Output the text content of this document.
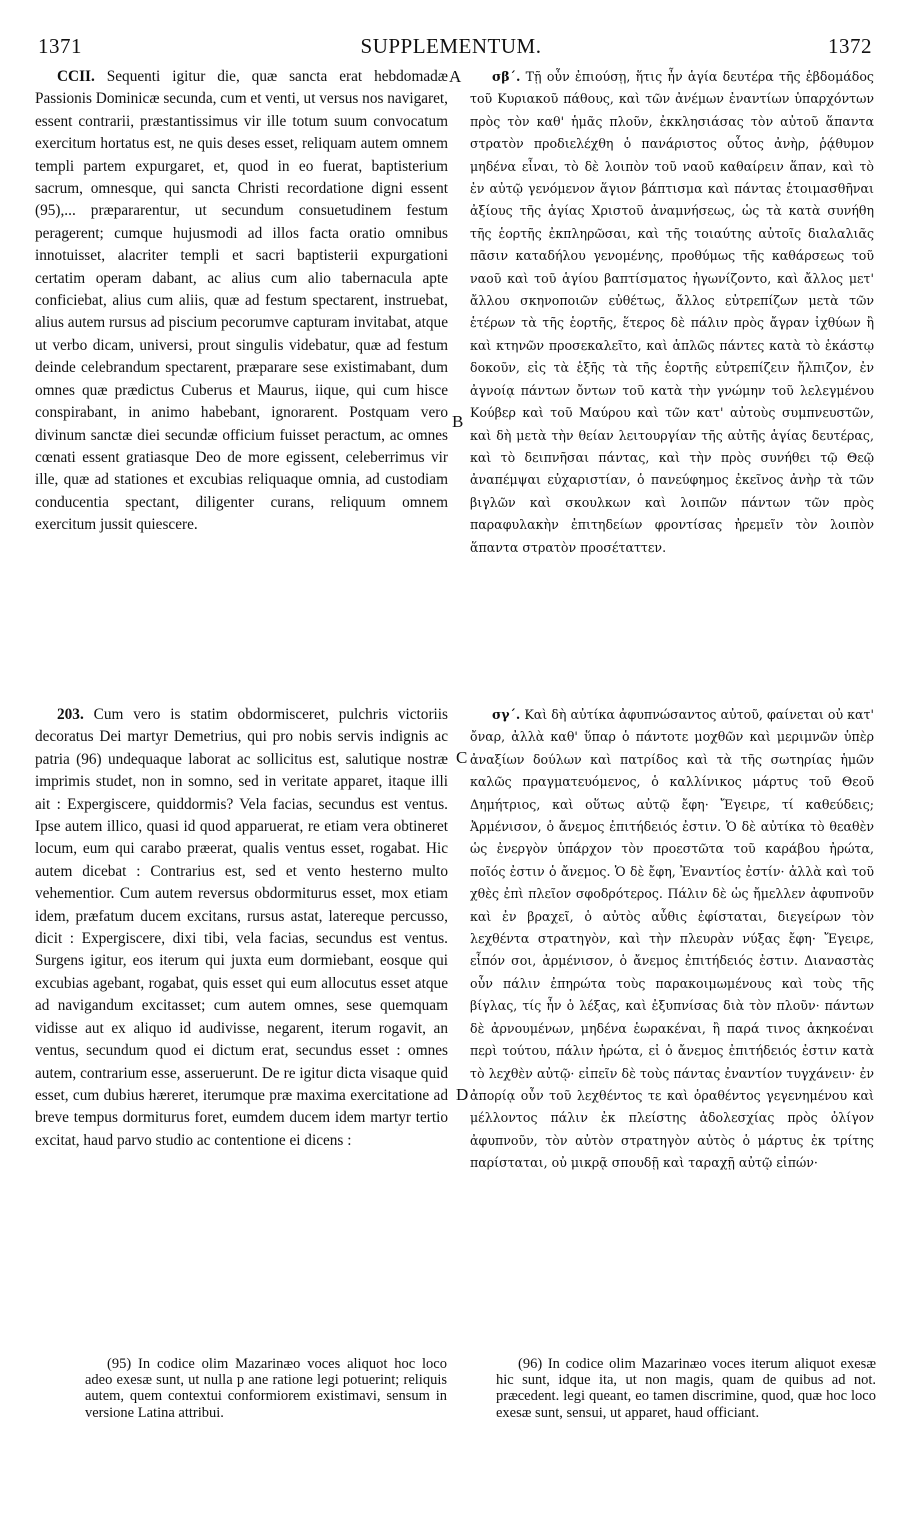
1371	SUPPLEMENTUM.	1372

CCII. Sequenti igitur die, quæ sancta erat hebdomadæ Passionis Dominicæ secunda, cum et venti, ut versus nos navigaret, essent contrarii, præstantissimus vir ille totum suum convocatum exercitum hortatus est, ne quis deses esset, reliquam autem omnem templi partem expurgaret, et, quod in eo fuerat, baptisterium sacrum, omnesque, qui sancta Christi recordatione digni essent (95),... præpararentur, ut secundum consuetudinem festum peragerent; cumque hujusmodi ad illos facta oratio omnibus innotuisset, alacriter templi et sacri baptisterii expurgationi certatim operam dabant, ac alius cum alio tabernacula apte conficiebat, alius cum aliis, quæ ad festum spectarent, instruebat, alius autem rursus ad piscium pecorumve capturam invitabat, atque ut verbo dicam, universi, prout singulis videbatur, quæ ad festum deinde celebrandum spectarent, præparare sese existimabant, dum omnes quæ prædictus Cuberus et Maurus, iique, qui cum hisce conspirabant, in animo habebant, ignorarent. Postquam vero divinum sanctæ diei secundæ officium fuisset peractum, ac omnes cœnati essent gratiasque Deo de more egissent, celeberrimus vir ille, quæ ad stationes et excubias reliquaque omnia, ad custodiam conducentia spectant, diligenter curans, reliquum omnem exercitum jussit quiescere.

σβ΄. Τῇ οὖν ἐπιούσῃ, ἥτις ἦν ἁγία δευτέρα τῆς ἑβδομάδος τοῦ Κυριακοῦ πάθους, καὶ τῶν ἀνέμων ἐναντίων ὑπαρχόντων πρὸς τὸν καθ' ἡμᾶς πλοῦν, ἐκκλησιάσας τὸν αὐτοῦ ἅπαντα στρατὸν προδιελέχθη ὁ πανάριστος οὗτος ἀνὴρ, ῥᾴθυμον μηδένα εἶναι, τὸ δὲ λοιπὸν τοῦ ναοῦ καθαίρειν ἅπαν, καὶ τὸ ἐν αὐτῷ γενόμενον ἅγιον βάπτισμα καὶ πάντας ἑτοιμασθῆναι ἀξίους τῆς ἁγίας Χριστοῦ ἀναμνήσεως, ὡς τὰ κατὰ συνήθη τῆς ἑορτῆς ἐκπληρῶσαι, καὶ τῆς τοιαύτης αὐτοῖς διαλαλιᾶς πᾶσιν καταδήλου γενομένης, προθύμως τῆς καθάρσεως τοῦ ναοῦ καὶ τοῦ ἁγίου βαπτίσματος ἠγωνίζοντο, καὶ ἄλλος μετ' ἄλλου σκηνοποιῶν εὐθέτως, ἄλλος εὐτρεπίζων μετὰ τῶν ἑτέρων τὰ τῆς ἑορτῆς, ἕτερος δὲ πάλιν πρὸς ἄγραν ἰχθύων ἢ καὶ κτηνῶν προσεκαλεῖτο, καὶ ἁπλῶς πάντες κατὰ τὸ ἑκάστῳ δοκοῦν, εἰς τὰ ἑξῆς τὰ τῆς ἑορτῆς εὐτρεπίζειν ἤλπιζον, ἐν ἀγνοίᾳ πάντων ὄντων τοῦ κατὰ τὴν γνώμην τοῦ λελεγμένου Κούβερ καὶ τοῦ Μαύρου καὶ τῶν κατ' αὐτοὺς συμπνευστῶν, καὶ δὴ μετὰ τὴν θείαν λειτουργίαν τῆς αὐτῆς ἁγίας δευτέρας, καὶ τὸ δειπνῆσαι πάντας, καὶ τὴν πρὸς συνήθει τῷ Θεῷ ἀναπέμψαι εὐχαριστίαν, ὁ πανεύφημος ἐκεῖνος ἀνὴρ τὰ τῶν βιγλῶν καὶ σκουλκων καὶ λοιπῶν πάντων τῶν πρὸς παραφυλακὴν ἐπιτηδείων φροντίσας ἠρεμεῖν τὸν λοιπὸν ἅπαντα στρατὸν προσέταττεν.

203. Cum vero is statim obdormisceret, pulchris victoriis decoratus Dei martyr Demetrius, qui pro nobis servis indignis ac patria (96) undequaque laborat ac sollicitus est, salutique nostræ imprimis studet, non in somno, sed in veritate apparet, itaque illi ait : Expergiscere, quiddormis? Vela facias, secundus est ventus. Ipse autem illico, quasi id quod apparuerat, re etiam vera obtineret locum, eum qui carabo præerat, qualis ventus esset, rogabat. Hic autem dicebat : Contrarius est, sed et vento hesterno multo vehementior. Cum autem reversus obdormiturus esset, mox etiam idem, præfatum ducem excitans, rursus astat, latereque percusso, dicit : Expergiscere, dixi tibi, vela facias, secundus est ventus. Surgens igitur, eos iterum qui juxta eum dormiebant, eosque qui excubias agebant, rogabat, quis esset qui eum allocutus esset atque ad navigandum excitasset; cum autem omnes, sese quemquam vidisse aut ex aliquo id audivisse, negarent, iterum rogavit, an ventus, secundum quod ei dictum erat, secundus esset : omnes autem, contrarium esse, asseruerunt. De re igitur dicta visaque quid esset, cum dubius hæreret, iterumque præ maxima exercitatione ad breve tempus dormiturus foret, eumdem ducem idem martyr tertio excitat, haud parvo studio ac contentione ei dicens :

σγ΄. Καὶ δὴ αὐτίκα ἀφυπνώσαντος αὐτοῦ, φαίνεται οὐ κατ' ὄναρ, ἀλλὰ καθ' ὕπαρ ὁ πάντοτε μοχθῶν καὶ μεριμνῶν ὑπὲρ ἀναξίων δούλων καὶ πατρίδος καὶ τὰ τῆς σωτηρίας ἡμῶν καλῶς πραγματευόμενος, ὁ καλλίνικος μάρτυς τοῦ Θεοῦ Δημήτριος, καὶ οὕτως αὐτῷ ἔφη· Ἔγειρε, τί καθεύδεις; Ἀρμένισον, ὁ ἄνεμος ἐπιτήδειός ἐστιν. Ὁ δὲ αὐτίκα τὸ θεαθὲν ὡς ἐνεργὸν ὑπάρχον τὸν προεστῶτα τοῦ καράβου ἠρώτα, ποῖός ἐστιν ὁ ἄνεμος. Ὁ δὲ ἔφη, Ἐναντίος ἐστίν· ἀλλὰ καὶ τοῦ χθὲς ἐπὶ πλεῖον σφοδρότερος. Πάλιν δὲ ὡς ἤμελλεν ἀφυπνοῦν καὶ ἐν βραχεῖ, ὁ αὐτὸς αὖθις ἐφίσταται, διεγείρων τὸν λεχθέντα στρατηγὸν, καὶ τὴν πλευρὰν νύξας ἔφη· Ἔγειρε, εἶπόν σοι, ἀρμένισον, ὁ ἄνεμος ἐπιτήδειός ἐστιν. Διαναστὰς οὖν πάλιν ἐπηρώτα τοὺς παρακοιμωμένους καὶ τοὺς τῆς βίγλας, τίς ἦν ὁ λέξας, καὶ ἐξυπνίσας διὰ τὸν πλοῦν· πάντων δὲ ἀρνουμένων, μηδένα ἑωρακέναι, ἢ παρά τινος ἀκηκοέναι περὶ τούτου, πάλιν ἠρώτα, εἰ ὁ ἄνεμος ἐπιτήδειός ἐστιν κατὰ τὸ λεχθὲν αὐτῷ· εἰπεῖν δὲ τοὺς πάντας ἐναντίον τυγχάνειν· ἐν ἀπορίᾳ οὖν τοῦ λεχθέντος τε καὶ ὁραθέντος γεγενημένου καὶ μέλλοντος πάλιν ἐκ πλείστης ἀδολεσχίας πρὸς ὀλίγον ἀφυπνοῦν, τὸν αὐτὸν στρατηγὸν αὐτὸς ὁ μάρτυς ἐκ τρίτης παρίσταται, οὐ μικρᾷ σπουδῇ καὶ ταραχῇ αὐτῷ εἰπών·

A
B
C
D

(95) In codice olim Mazarinæo voces aliquot hoc loco adeo exesæ sunt, ut nulla p ane ratione legi potuerint; reliquis autem, quem contextui conformiorem existimavi, sensum in versione Latina attribui.

(96) In codice olim Mazarinæo voces iterum aliquot exesæ hic sunt, idque ita, ut non magis, quam de quibus ad not. præcedent. legi queant, eo tamen discrimine, quod, quæ hoc loco exesæ sunt, sensui, ut apparet, haud officiant.
